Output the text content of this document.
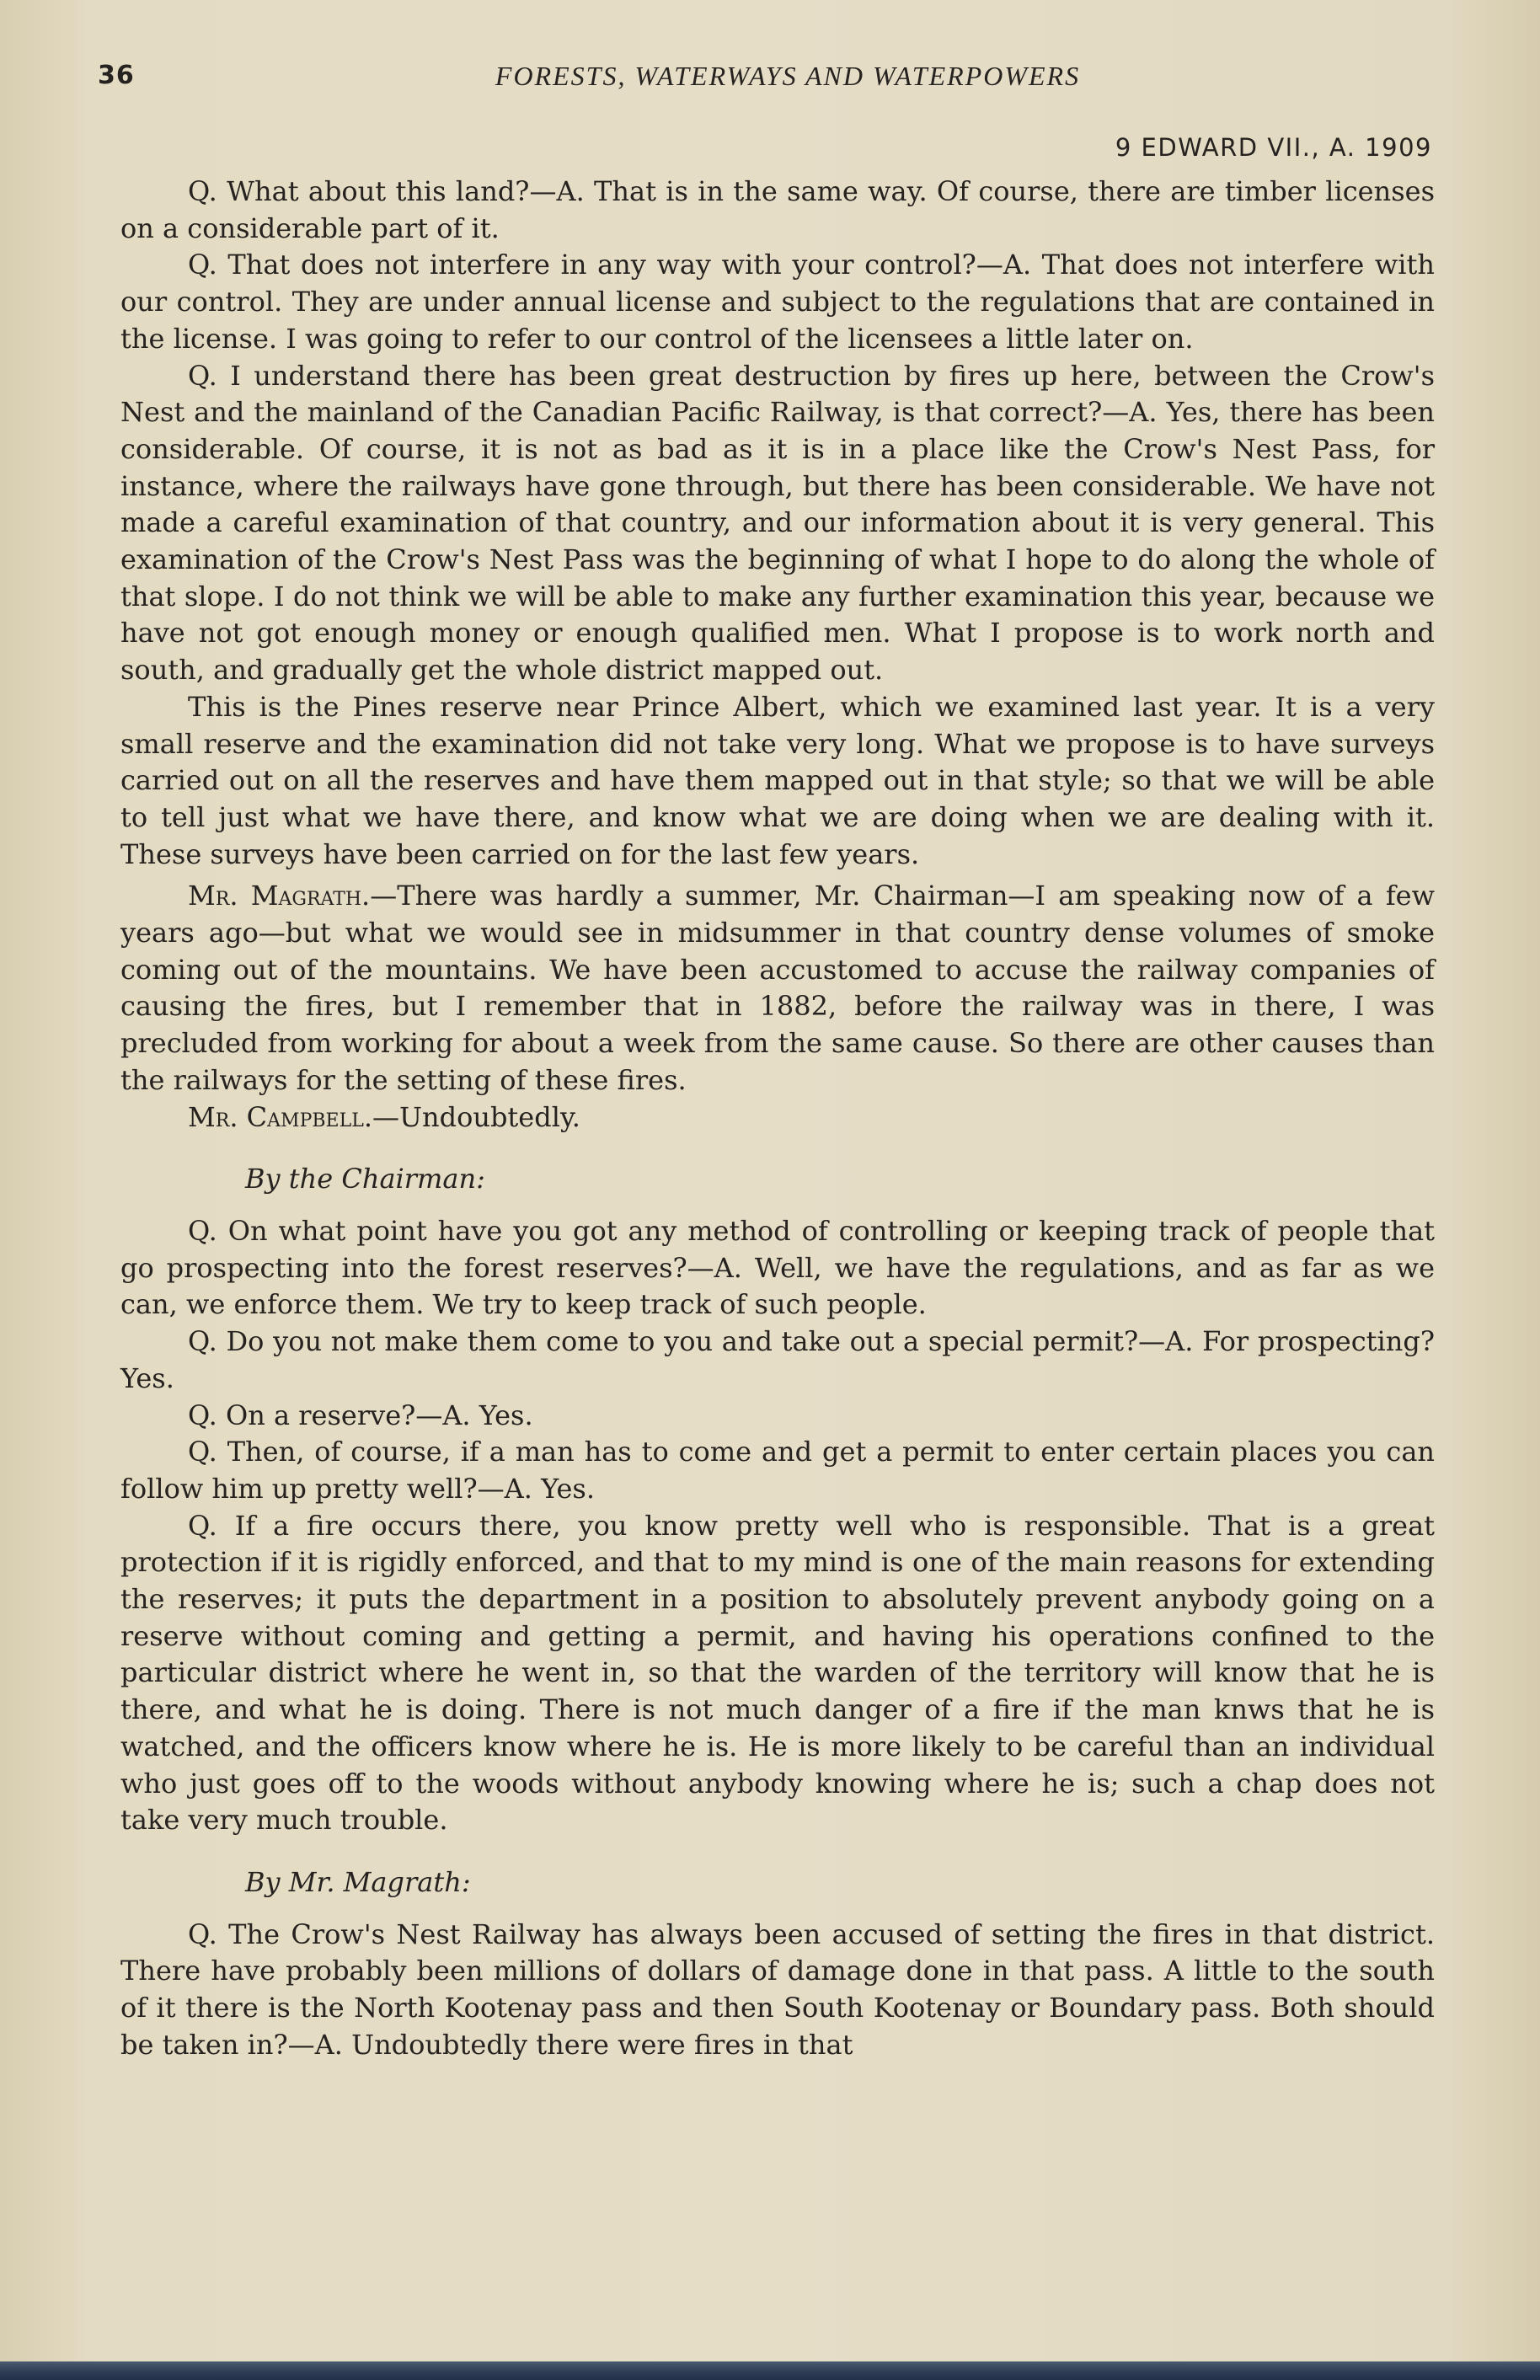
36	FORESTS, WATERWAYS AND WATERPOWERS
9 EDWARD VII., A. 1909

Q. What about this land?—A. That is in the same way. Of course, there are timber licenses on a considerable part of it.

Q. That does not interfere in any way with your control?—A. That does not interfere with our control. They are under annual license and subject to the regulations that are contained in the license. I was going to refer to our control of the licensees a little later on.

Q. I understand there has been great destruction by fires up here, between the Crow's Nest and the mainland of the Canadian Pacific Railway, is that correct?—A. Yes, there has been considerable. Of course, it is not as bad as it is in a place like the Crow's Nest Pass, for instance, where the railways have gone through, but there has been considerable. We have not made a careful examination of that country, and our information about it is very general. This examination of the Crow's Nest Pass was the beginning of what I hope to do along the whole of that slope. I do not think we will be able to make any further examination this year, because we have not got enough money or enough qualified men. What I propose is to work north and south, and gradually get the whole district mapped out.

This is the Pines reserve near Prince Albert, which we examined last year. It is a very small reserve and the examination did not take very long. What we propose is to have surveys carried out on all the reserves and have them mapped out in that style; so that we will be able to tell just what we have there, and know what we are doing when we are dealing with it. These surveys have been carried on for the last few years.

Mr. Magrath.—There was hardly a summer, Mr. Chairman—I am speaking now of a few years ago—but what we would see in midsummer in that country dense volumes of smoke coming out of the mountains. We have been accustomed to accuse the railway companies of causing the fires, but I remember that in 1882, before the railway was in there, I was precluded from working for about a week from the same cause. So there are other causes than the railways for the setting of these fires.

Mr. Campbell.—Undoubtedly.

By the Chairman:

Q. On what point have you got any method of controlling or keeping track of people that go prospecting into the forest reserves?—A. Well, we have the regulations, and as far as we can, we enforce them. We try to keep track of such people.

Q. Do you not make them come to you and take out a special permit?—A. For prospecting? Yes.

Q. On a reserve?—A. Yes.

Q. Then, of course, if a man has to come and get a permit to enter certain places you can follow him up pretty well?—A. Yes.

Q. If a fire occurs there, you know pretty well who is responsible. That is a great protection if it is rigidly enforced, and that to my mind is one of the main reasons for extending the reserves; it puts the department in a position to absolutely prevent anybody going on a reserve without coming and getting a permit, and having his operations confined to the particular district where he went in, so that the warden of the territory will know that he is there, and what he is doing. There is not much danger of a fire if the man knws that he is watched, and the officers know where he is. He is more likely to be careful than an individual who just goes off to the woods without anybody knowing where he is; such a chap does not take very much trouble.

By Mr. Magrath:

Q. The Crow's Nest Railway has always been accused of setting the fires in that district. There have probably been millions of dollars of damage done in that pass. A little to the south of it there is the North Kootenay pass and then South Kootenay or Boundary pass. Both should be taken in?—A. Undoubtedly there were fires in that
